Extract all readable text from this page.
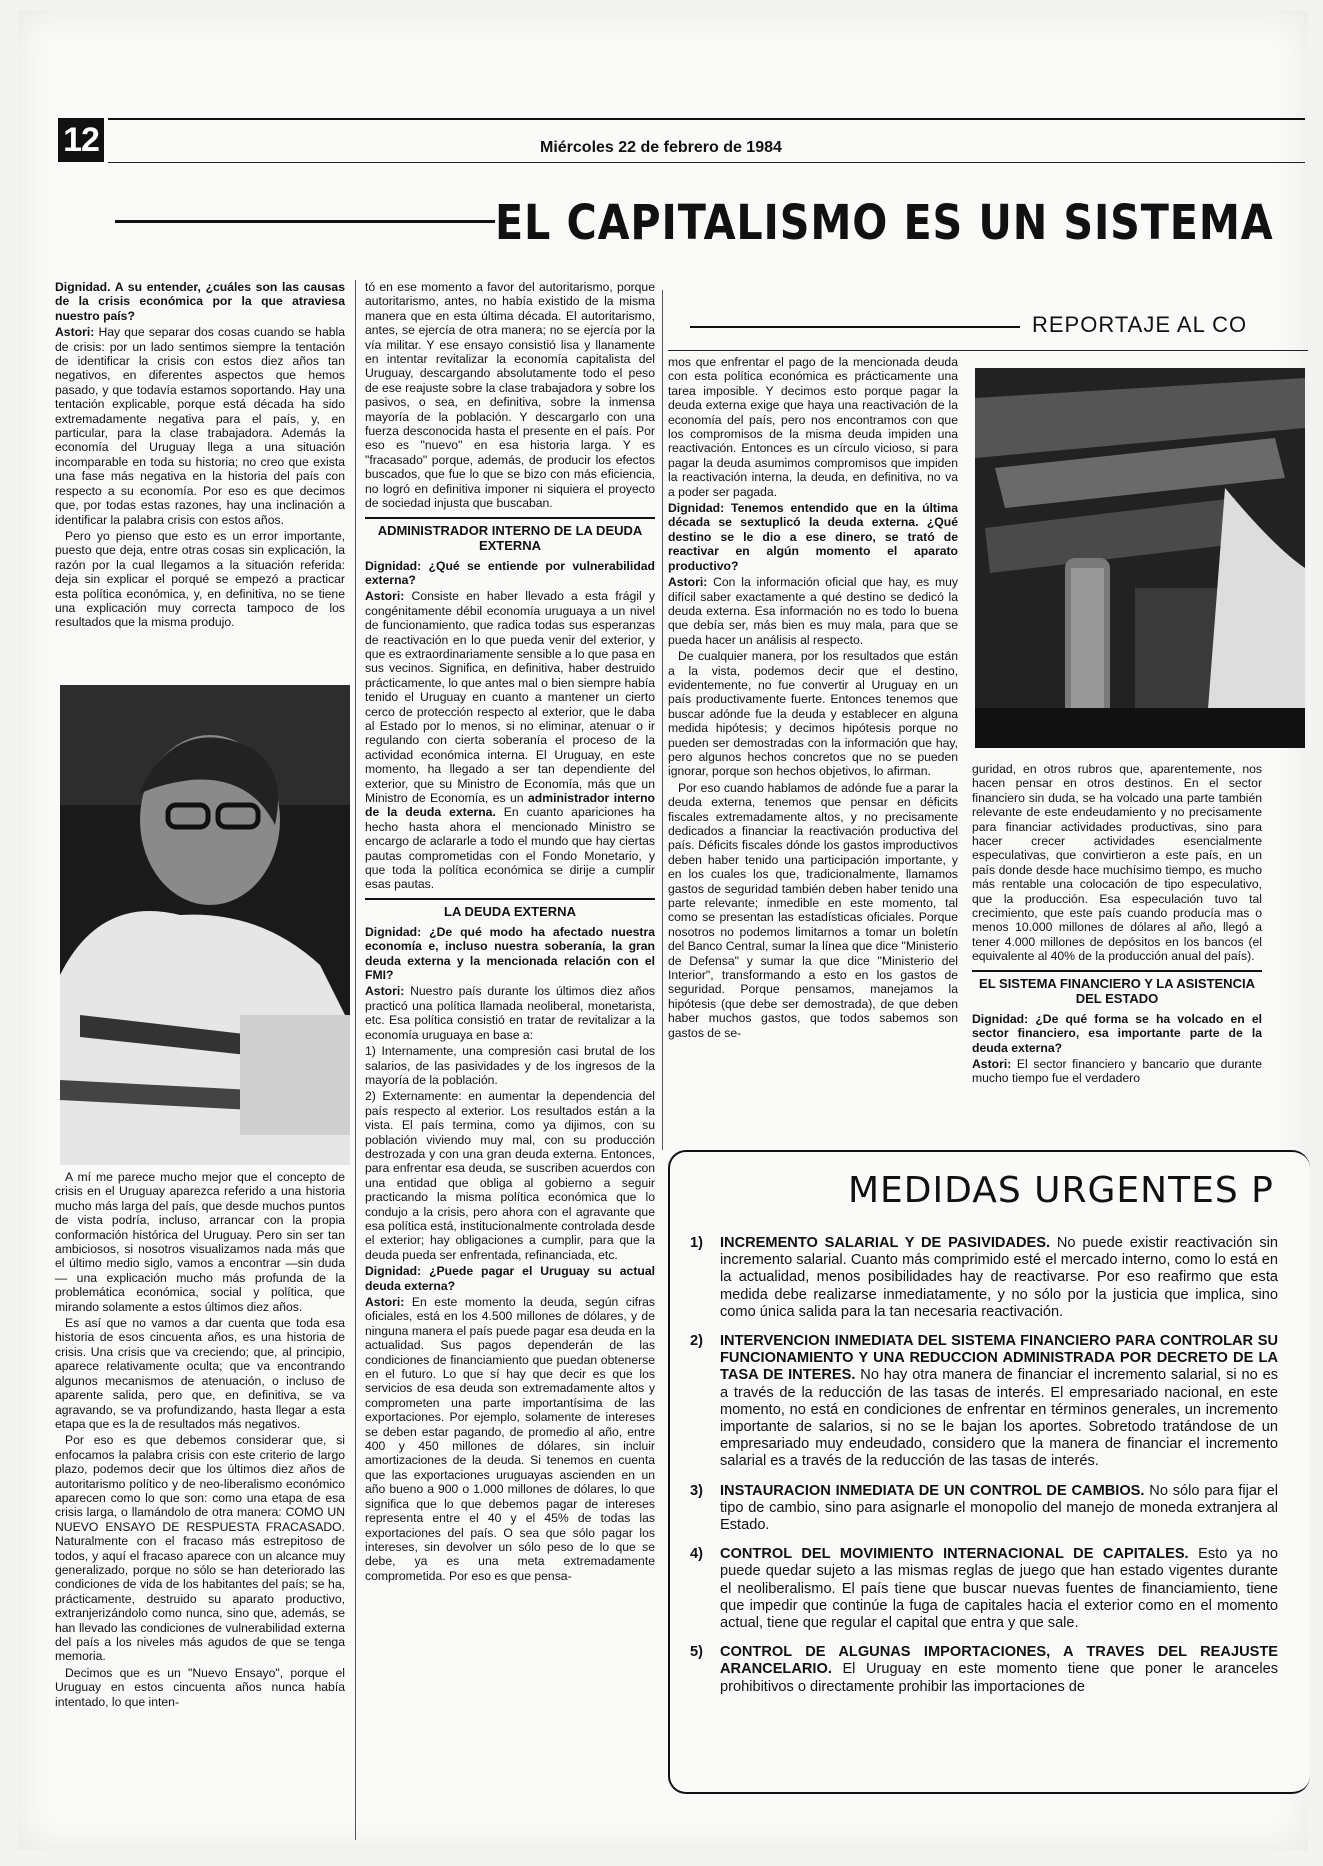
12	Miércoles 22 de febrero de 1984
EL CAPITALISMO ES UN SISTEMA

Dignidad. A su entender, ¿cuáles son las causas de la crisis económica por la que atraviesa nuestro país?

Astori: Hay que separar dos cosas cuando se habla de crisis: por un lado sentimos siempre la tentación de identificar la crisis con estos diez años tan negativos, en diferentes aspectos que hemos pasado, y que todavía estamos soportando. Hay una tentación explicable, porque está década ha sido extremadamente negativa para el país, y, en particular, para la clase trabajadora. Además la economía del Uruguay llega a una situación incomparable en toda su historia; no creo que exista una fase más negativa en la historia del país con respecto a su economía. Por eso es que decimos que, por todas estas razones, hay una inclinación a identificar la palabra crisis con estos años.

Pero yo pienso que esto es un error importante, puesto que deja, entre otras cosas sin explicación, la razón por la cual llegamos a la situación referida: deja sin explicar el porqué se empezó a practicar esta política económica, y, en definitiva, no se tiene una explicación muy correcta tampoco de los resultados que la misma produjo.

A mí me parece mucho mejor que el concepto de crisis en el Uruguay aparezca referido a una historia mucho más larga del país, que desde muchos puntos de vista podría, incluso, arrancar con la propia conformación histórica del Uruguay. Pero sin ser tan ambiciosos, si nosotros visualizamos nada más que el último medio siglo, vamos a encontrar —sin duda— una explicación mucho más profunda de la problemática económica, social y política, que mirando solamente a estos últimos diez años.

Es así que no vamos a dar cuenta que toda esa historia de esos cincuenta años, es una historia de crisis. Una crisis que va creciendo; que, al principio, aparece relativamente oculta; que va encontrando algunos mecanismos de atenuación, o incluso de aparente salida, pero que, en definitiva, se va agravando, se va profundizando, hasta llegar a esta etapa que es la de resultados más negativos.

Por eso es que debemos considerar que, si enfocamos la palabra crisis con este criterio de largo plazo, podemos decir que los últimos diez años de autoritarismo político y de neo-liberalismo económico aparecen como lo que son: como una etapa de esa crisis larga, o llamándolo de otra manera: COMO UN NUEVO ENSAYO DE RESPUESTA FRACASADO. Naturalmente con el fracaso más estrepitoso de todos, y aquí el fracaso aparece con un alcance muy generalizado, porque no sólo se han deteriorado las condiciones de vida de los habitantes del país; se ha, prácticamente, destruido su aparato productivo, extranjerizándolo como nunca, sino que, además, se han llevado las condiciones de vulnerabilidad externa del país a los niveles más agudos de que se tenga memoria.

Decimos que es un "Nuevo Ensayo", porque el Uruguay en estos cincuenta años nunca había intentado, lo que inten-

tó en ese momento a favor del autoritarismo, porque autoritarismo, antes, no había existido de la misma manera que en esta última década. El autoritarismo, antes, se ejercía de otra manera; no se ejercía por la vía militar. Y ese ensayo consistió lisa y llanamente en intentar revitalizar la economía capitalista del Uruguay, descargando absolutamente todo el peso de ese reajuste sobre la clase trabajadora y sobre los pasivos, o sea, en definitiva, sobre la inmensa mayoría de la población. Y descargarlo con una fuerza desconocida hasta el presente en el país. Por eso es "nuevo" en esa historia larga. Y es "fracasado" porque, además, de producir los efectos buscados, que fue lo que se bizo con más eficiencia, no logró en definitiva imponer ni siquiera el proyecto de sociedad injusta que buscaban.

ADMINISTRADOR INTERNO DE LA DEUDA EXTERNA

Dignidad: ¿Qué se entiende por vulnerabilidad externa?

Astori: Consiste en haber llevado a esta frágil y congénitamente débil economía uruguaya a un nivel de funcionamiento, que radica todas sus esperanzas de reactivación en lo que pueda venir del exterior, y que es extraordinariamente sensible a lo que pasa en sus vecinos. Significa, en definitiva, haber destruido prácticamente, lo que antes mal o bien siempre había tenido el Uruguay en cuanto a mantener un cierto cerco de protección respecto al exterior, que le daba al Estado por lo menos, si no eliminar, atenuar o ir regulando con cierta soberanía el proceso de la actividad económica interna. El Uruguay, en este momento, ha llegado a ser tan dependiente del exterior, que su Ministro de Economía, más que un Ministro de Economía, es un administrador interno de la deuda externa. En cuanto apariciones ha hecho hasta ahora el mencionado Ministro se encargo de aclararle a todo el mundo que hay ciertas pautas comprometidas con el Fondo Monetario, y que toda la política económica se dirije a cumplir esas pautas.

LA DEUDA EXTERNA

Dignidad: ¿De qué modo ha afectado nuestra economía e, incluso nuestra soberanía, la gran deuda externa y la mencionada relación con el FMI?

Astori: Nuestro país durante los últimos diez años practicó una política llamada neoliberal, monetarista, etc. Esa política consistió en tratar de revitalizar a la economía uruguaya en base a:

1) Internamente, una compresión casi brutal de los salarios, de las pasividades y de los ingresos de la mayoría de la población.

2) Externamente: en aumentar la dependencia del país respecto al exterior. Los resultados están a la vista. El país termina, como ya dijimos, con su población viviendo muy mal, con su producción destrozada y con una gran deuda externa. Entonces, para enfrentar esa deuda, se suscriben acuerdos con una entidad que obliga al gobierno a seguir practicando la misma política económica que lo condujo a la crisis, pero ahora con el agravante que esa política está, institucionalmente controlada desde el exterior; hay obligaciones a cumplir, para que la deuda pueda ser enfrentada, refinanciada, etc.

Dignidad: ¿Puede pagar el Uruguay su actual deuda externa?

Astori: En este momento la deuda, según cifras oficiales, está en los 4.500 millones de dólares, y de ninguna manera el país puede pagar esa deuda en la actualidad. Sus pagos dependerán de las condiciones de financiamiento que puedan obtenerse en el futuro. Lo que sí hay que decir es que los servicios de esa deuda son extremadamente altos y comprometen una parte importantísima de las exportaciones. Por ejemplo, solamente de intereses se deben estar pagando, de promedio al año, entre 400 y 450 millones de dólares, sin incluir amortizaciones de la deuda. Si tenemos en cuenta que las exportaciones uruguayas ascienden en un año bueno a 900 o 1.000 millones de dólares, lo que significa que lo que debemos pagar de intereses representa entre el 40 y el 45% de todas las exportaciones del país. O sea que sólo pagar los intereses, sin devolver un sólo peso de lo que se debe, ya es una meta extremadamente comprometida. Por eso es que pensa-

REPORTAJE AL CO

mos que enfrentar el pago de la mencionada deuda con esta política económica es prácticamente una tarea imposible. Y decimos esto porque pagar la deuda externa exige que haya una reactivación de la economía del país, pero nos encontramos con que los compromisos de la misma deuda impiden una reactivación. Entonces es un círculo vicioso, si para pagar la deuda asumimos compromisos que impiden la reactivación interna, la deuda, en definitiva, no va a poder ser pagada.

Dignidad: Tenemos entendido que en la última década se sextuplicó la deuda externa. ¿Qué destino se le dio a ese dinero, se trató de reactivar en algún momento el aparato productivo?

Astori: Con la información oficial que hay, es muy difícil saber exactamente a qué destino se dedicó la deuda externa. Esa información no es todo lo buena que debía ser, más bien es muy mala, para que se pueda hacer un análisis al respecto.

De cualquier manera, por los resultados que están a la vista, podemos decir que el destino, evidentemente, no fue convertir al Uruguay en un país productivamente fuerte. Entonces tenemos que buscar adónde fue la deuda y establecer en alguna medida hipótesis; y decimos hipótesis porque no pueden ser demostradas con la información que hay, pero algunos hechos concretos que no se pueden ignorar, porque son hechos objetivos, lo afirman.

Por eso cuando hablamos de adónde fue a parar la deuda externa, tenemos que pensar en déficits fiscales extremadamente altos, y no precisamente dedicados a financiar la reactivación productiva del país. Déficits fiscales dónde los gastos improductivos deben haber tenido una participación importante, y en los cuales los que, tradicionalmente, llamamos gastos de seguridad también deben haber tenido una parte relevante; inmedible en este momento, tal como se presentan las estadísticas oficiales. Porque nosotros no podemos limitarnos a tomar un boletín del Banco Central, sumar la línea que dice "Ministerio de Defensa" y sumar la que dice "Ministerio del Interior", transformando a esto en los gastos de seguridad. Porque pensamos, manejamos la hipótesis (que debe ser demostrada), de que deben haber muchos gastos, que todos sabemos son gastos de se-

guridad, en otros rubros que, aparentemente, nos hacen pensar en otros destinos. En el sector financiero sin duda, se ha volcado una parte también relevante de este endeudamiento y no precisamente para financiar actividades productivas, sino para hacer crecer actividades esencialmente especulativas, que convirtieron a este país, en un país donde desde hace muchísimo tiempo, es mucho más rentable una colocación de tipo especulativo, que la producción. Esa especulación tuvo tal crecimiento, que este país cuando producía mas o menos 10.000 millones de dólares al año, llegó a tener 4.000 millones de depósitos en los bancos (el equivalente al 40% de la producción anual del país).

EL SISTEMA FINANCIERO Y LA ASISTENCIA DEL ESTADO

Dignidad: ¿De qué forma se ha volcado en el sector financiero, esa importante parte de la deuda externa?

Astori: El sector financiero y bancario que durante mucho tiempo fue el verdadero

MEDIDAS URGENTES P
1) INCREMENTO SALARIAL Y DE PASIVIDADES. No puede existir reactivación sin incremento salarial. Cuanto más comprimido esté el mercado interno, como lo está en la actualidad, menos posibilidades hay de reactivarse. Por eso reafirmo que esta medida debe realizarse inmediatamente, y no sólo por la justicia que implica, sino como única salida para la tan necesaria reactivación.
2) INTERVENCION INMEDIATA DEL SISTEMA FINANCIERO PARA CONTROLAR SU FUNCIONAMIENTO Y UNA REDUCCION ADMINISTRADA POR DECRETO DE LA TASA DE INTERES. No hay otra manera de financiar el incremento salarial, si no es a través de la reducción de las tasas de interés. El empresariado nacional, en este momento, no está en condiciones de enfrentar en términos generales, un incremento importante de salarios, si no se le bajan los aportes. Sobretodo tratándose de un empresariado muy endeudado, considero que la manera de financiar el incremento salarial es a través de la reducción de las tasas de interés.
3) INSTAURACION INMEDIATA DE UN CONTROL DE CAMBIOS. No sólo para fijar el tipo de cambio, sino para asignarle el monopolio del manejo de moneda extranjera al Estado.
4) CONTROL DEL MOVIMIENTO INTERNACIONAL DE CAPITALES. Esto ya no puede quedar sujeto a las mismas reglas de juego que han estado vigentes durante el neoliberalismo. El país tiene que buscar nuevas fuentes de financiamiento, tiene que impedir que continúe la fuga de capitales hacia el exterior como en el momento actual, tiene que regular el capital que entra y que sale.
5) CONTROL DE ALGUNAS IMPORTACIONES, A TRAVES DEL REAJUSTE ARANCELARIO. El Uruguay en este momento tiene que poner le aranceles prohibitivos o directamente prohibir las importaciones de
